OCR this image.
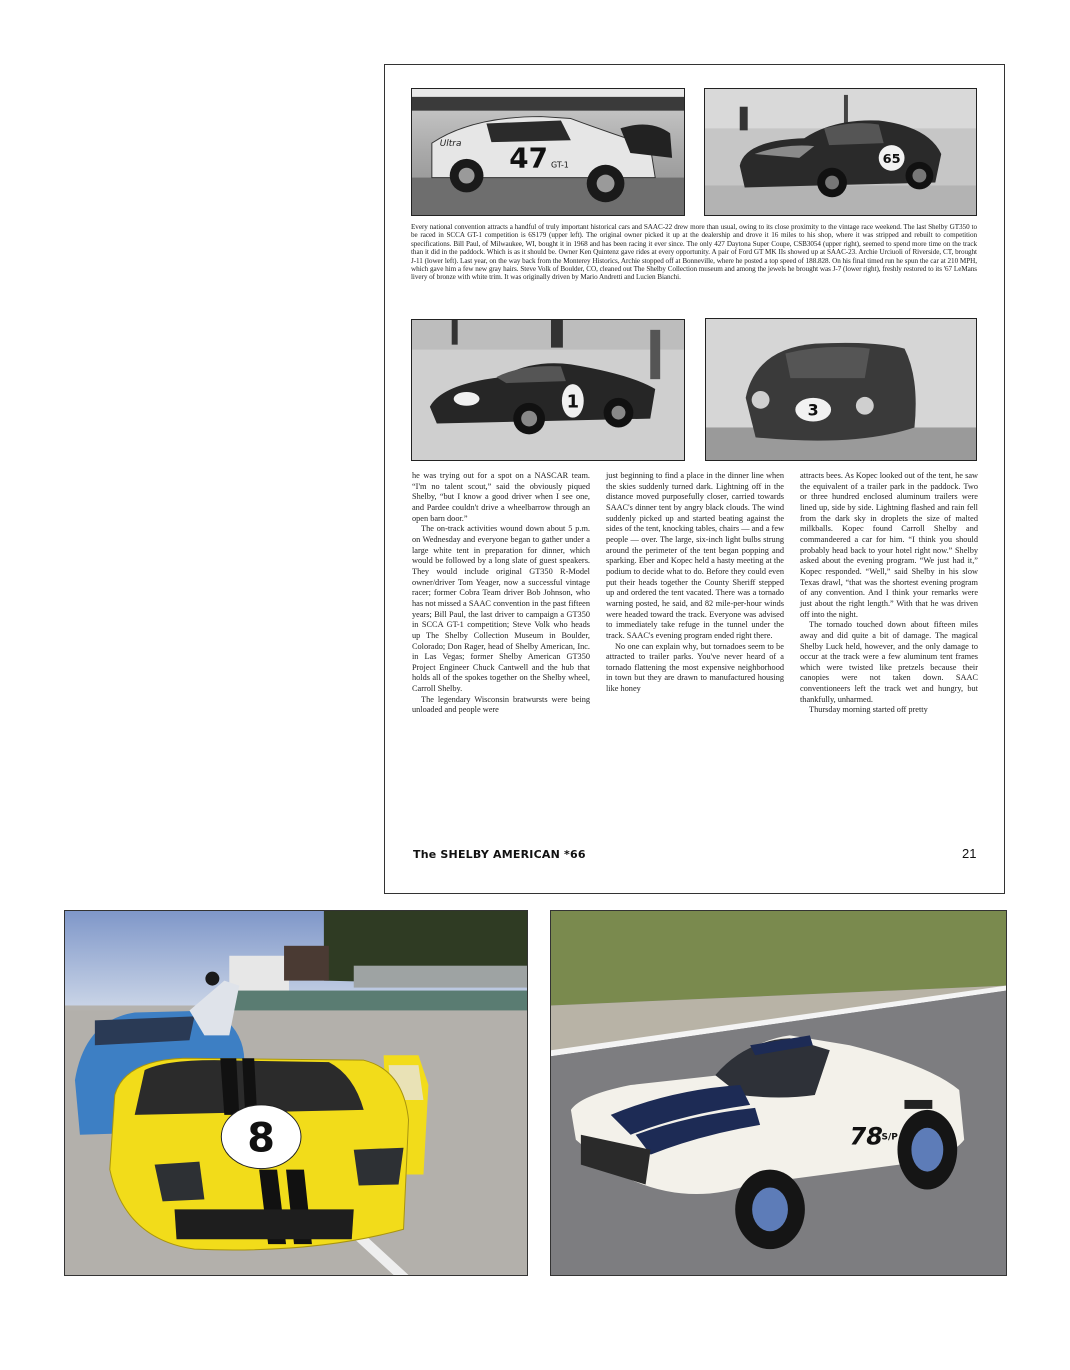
47 GT-1
Ultra
65
Every national convention attracts a handful of truly important historical cars and SAAC-22 drew more than usual, owing to its close proximity to the vintage race weekend. The last Shelby GT350 to be raced in SCCA GT-1 competition is 6S179 (upper left). The original owner picked it up at the dealership and drove it 16 miles to his shop, where it was stripped and rebuilt to competition specifications. Bill Paul, of Milwaukee, WI, bought it in 1968 and has been racing it ever since. The only 427 Daytona Super Coupe, CSB3054 (upper right), seemed to spend more time on the track than it did in the paddock. Which is as it should be. Owner Ken Quintenz gave rides at every opportunity. A pair of Ford GT MK IIs showed up at SAAC-23. Archie Urciuoli of Riverside, CT, brought J-11 (lower left). Last year, on the way back from the Monterey Historics, Archie stopped off at Bonneville, where he posted a top speed of 188.828. On his final timed run he spun the car at 210 MPH, which gave him a few new gray hairs. Steve Volk of Boulder, CO, cleaned out The Shelby Collection museum and among the jewels he brought was J-7 (lower right), freshly restored to its '67 LeMans livery of bronze with white trim. It was originally driven by Mario Andretti and Lucien Bianchi.
1	3

he was trying out for a spot on a NASCAR team. “I'm no talent scout,” said the obviously piqued Shelby, “but I know a good driver when I see one, and Pardee couldn't drive a wheelbarrow through an open barn door.”

The on-track activities wound down about 5 p.m. on Wednesday and everyone began to gather under a large white tent in preparation for dinner, which would be followed by a long slate of guest speakers. They would include original GT350 R-Model owner/driver Tom Yeager, now a successful vintage racer; former Cobra Team driver Bob Johnson, who has not missed a SAAC convention in the past fifteen years; Bill Paul, the last driver to campaign a GT350 in SCCA GT-1 competition; Steve Volk who heads up The Shelby Collection Museum in Boulder, Colorado; Don Rager, head of Shelby American, Inc. in Las Vegas; former Shelby American GT350 Project Engineer Chuck Cantwell and the hub that holds all of the spokes together on the Shelby wheel, Carroll Shelby.

The legendary Wisconsin bratwursts were being unloaded and people were

just beginning to find a place in the dinner line when the skies suddenly turned dark. Lightning off in the distance moved purposefully closer, carried towards SAAC's dinner tent by angry black clouds. The wind suddenly picked up and started beating against the sides of the tent, knocking tables, chairs — and a few people — over. The large, six-inch light bulbs strung around the perimeter of the tent began popping and sparking. Eber and Kopec held a hasty meeting at the podium to decide what to do. Before they could even put their heads together the County Sheriff stepped up and ordered the tent vacated. There was a tornado warning posted, he said, and 82 mile-per-hour winds were headed toward the track. Everyone was advised to immediately take refuge in the tunnel under the track. SAAC's evening program ended right there.

No one can explain why, but tornadoes seem to be attracted to trailer parks. You've never heard of a tornado flattening the most expensive neighborhood in town but they are drawn to manufactured housing like honey

attracts bees. As Kopec looked out of the tent, he saw the equivalent of a trailer park in the paddock. Two or three hundred enclosed aluminum trailers were lined up, side by side. Lightning flashed and rain fell from the dark sky in droplets the size of malted milkballs. Kopec found Carroll Shelby and commandeered a car for him. “I think you should probably head back to your hotel right now.” Shelby asked about the evening program. “We just had it,” Kopec responded. “Well,” said Shelby in his slow Texas drawl, “that was the shortest evening program of any convention. And I think your remarks were just about the right length.” With that he was driven off into the night.

The tornado touched down about fifteen miles away and did quite a bit of damage. The magical Shelby Luck held, however, and the only damage to occur at the track were a few aluminum tent frames which were twisted like pretzels because their canopies were not taken down. SAAC conventioneers left the track wet and hungry, but thankfully, unharmed.

Thursday morning started off pretty

The SHELBY AMERICAN *66	21
8	78
S/P
